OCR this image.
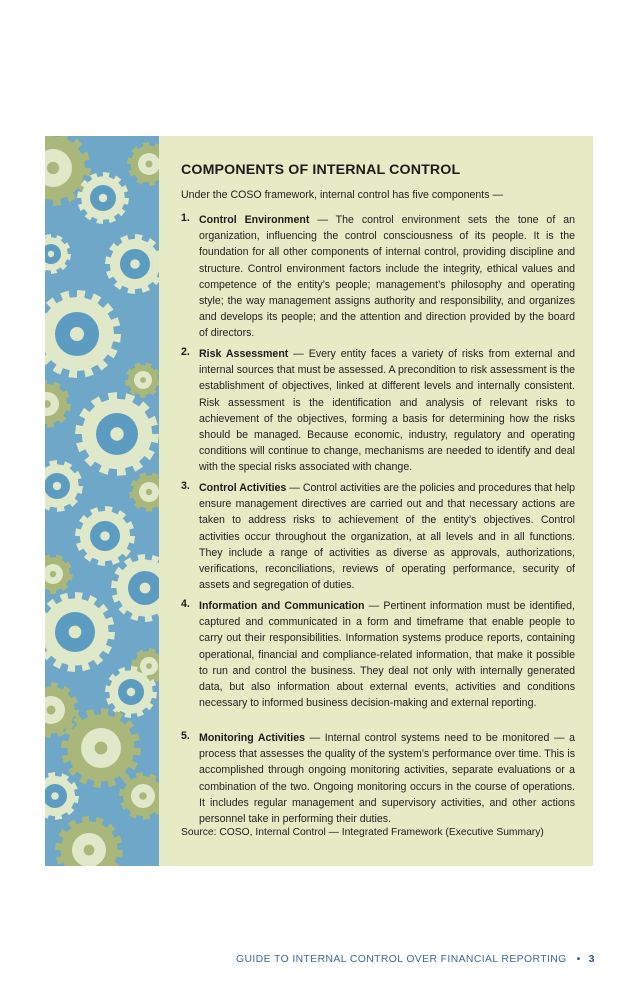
COMPONENTS OF INTERNAL CONTROL
Under the COSO framework, internal control has five components —
1. Control Environment — The control environment sets the tone of an organization, influencing the control consciousness of its people. It is the foundation for all other components of internal control, providing discipline and structure. Control environment factors include the integrity, ethical values and competence of the entity’s people; management’s philosophy and operating style; the way management assigns authority and responsibility, and organizes and develops its people; and the attention and direction provided by the board of directors.
2. Risk Assessment — Every entity faces a variety of risks from external and internal sources that must be assessed. A precondition to risk assessment is the establishment of objectives, linked at different levels and internally consistent. Risk assessment is the identification and analysis of relevant risks to achievement of the objectives, forming a basis for determining how the risks should be managed. Because economic, industry, regulatory and operating conditions will continue to change, mechanisms are needed to identify and deal with the special risks associated with change.
3. Control Activities — Control activities are the policies and procedures that help ensure management directives are carried out and that necessary actions are taken to address risks to achievement of the entity’s objectives. Control activities occur throughout the organization, at all levels and in all functions. They include a range of activities as diverse as approvals, authorizations, verifications, reconciliations, reviews of operating performance, security of assets and segregation of duties.
4. Information and Communication — Pertinent information must be identified, captured and communicated in a form and timeframe that enable people to carry out their responsibilities. Information systems produce reports, containing operational, financial and compliance-related information, that make it possible to run and control the business. They deal not only with internally generated data, but also information about external events, activities and conditions necessary to informed business decision-making and external reporting.
5. Monitoring Activities — Internal control systems need to be monitored — a process that assesses the quality of the system’s performance over time. This is accomplished through ongoing monitoring activities, separate evaluations or a combination of the two. Ongoing monitoring occurs in the course of operations. It includes regular management and supervisory activities, and other actions personnel take in performing their duties.
Source: COSO, Internal Control — Integrated Framework (Executive Summary)
GUIDE TO INTERNAL CONTROL OVER FINANCIAL REPORTING • 3
